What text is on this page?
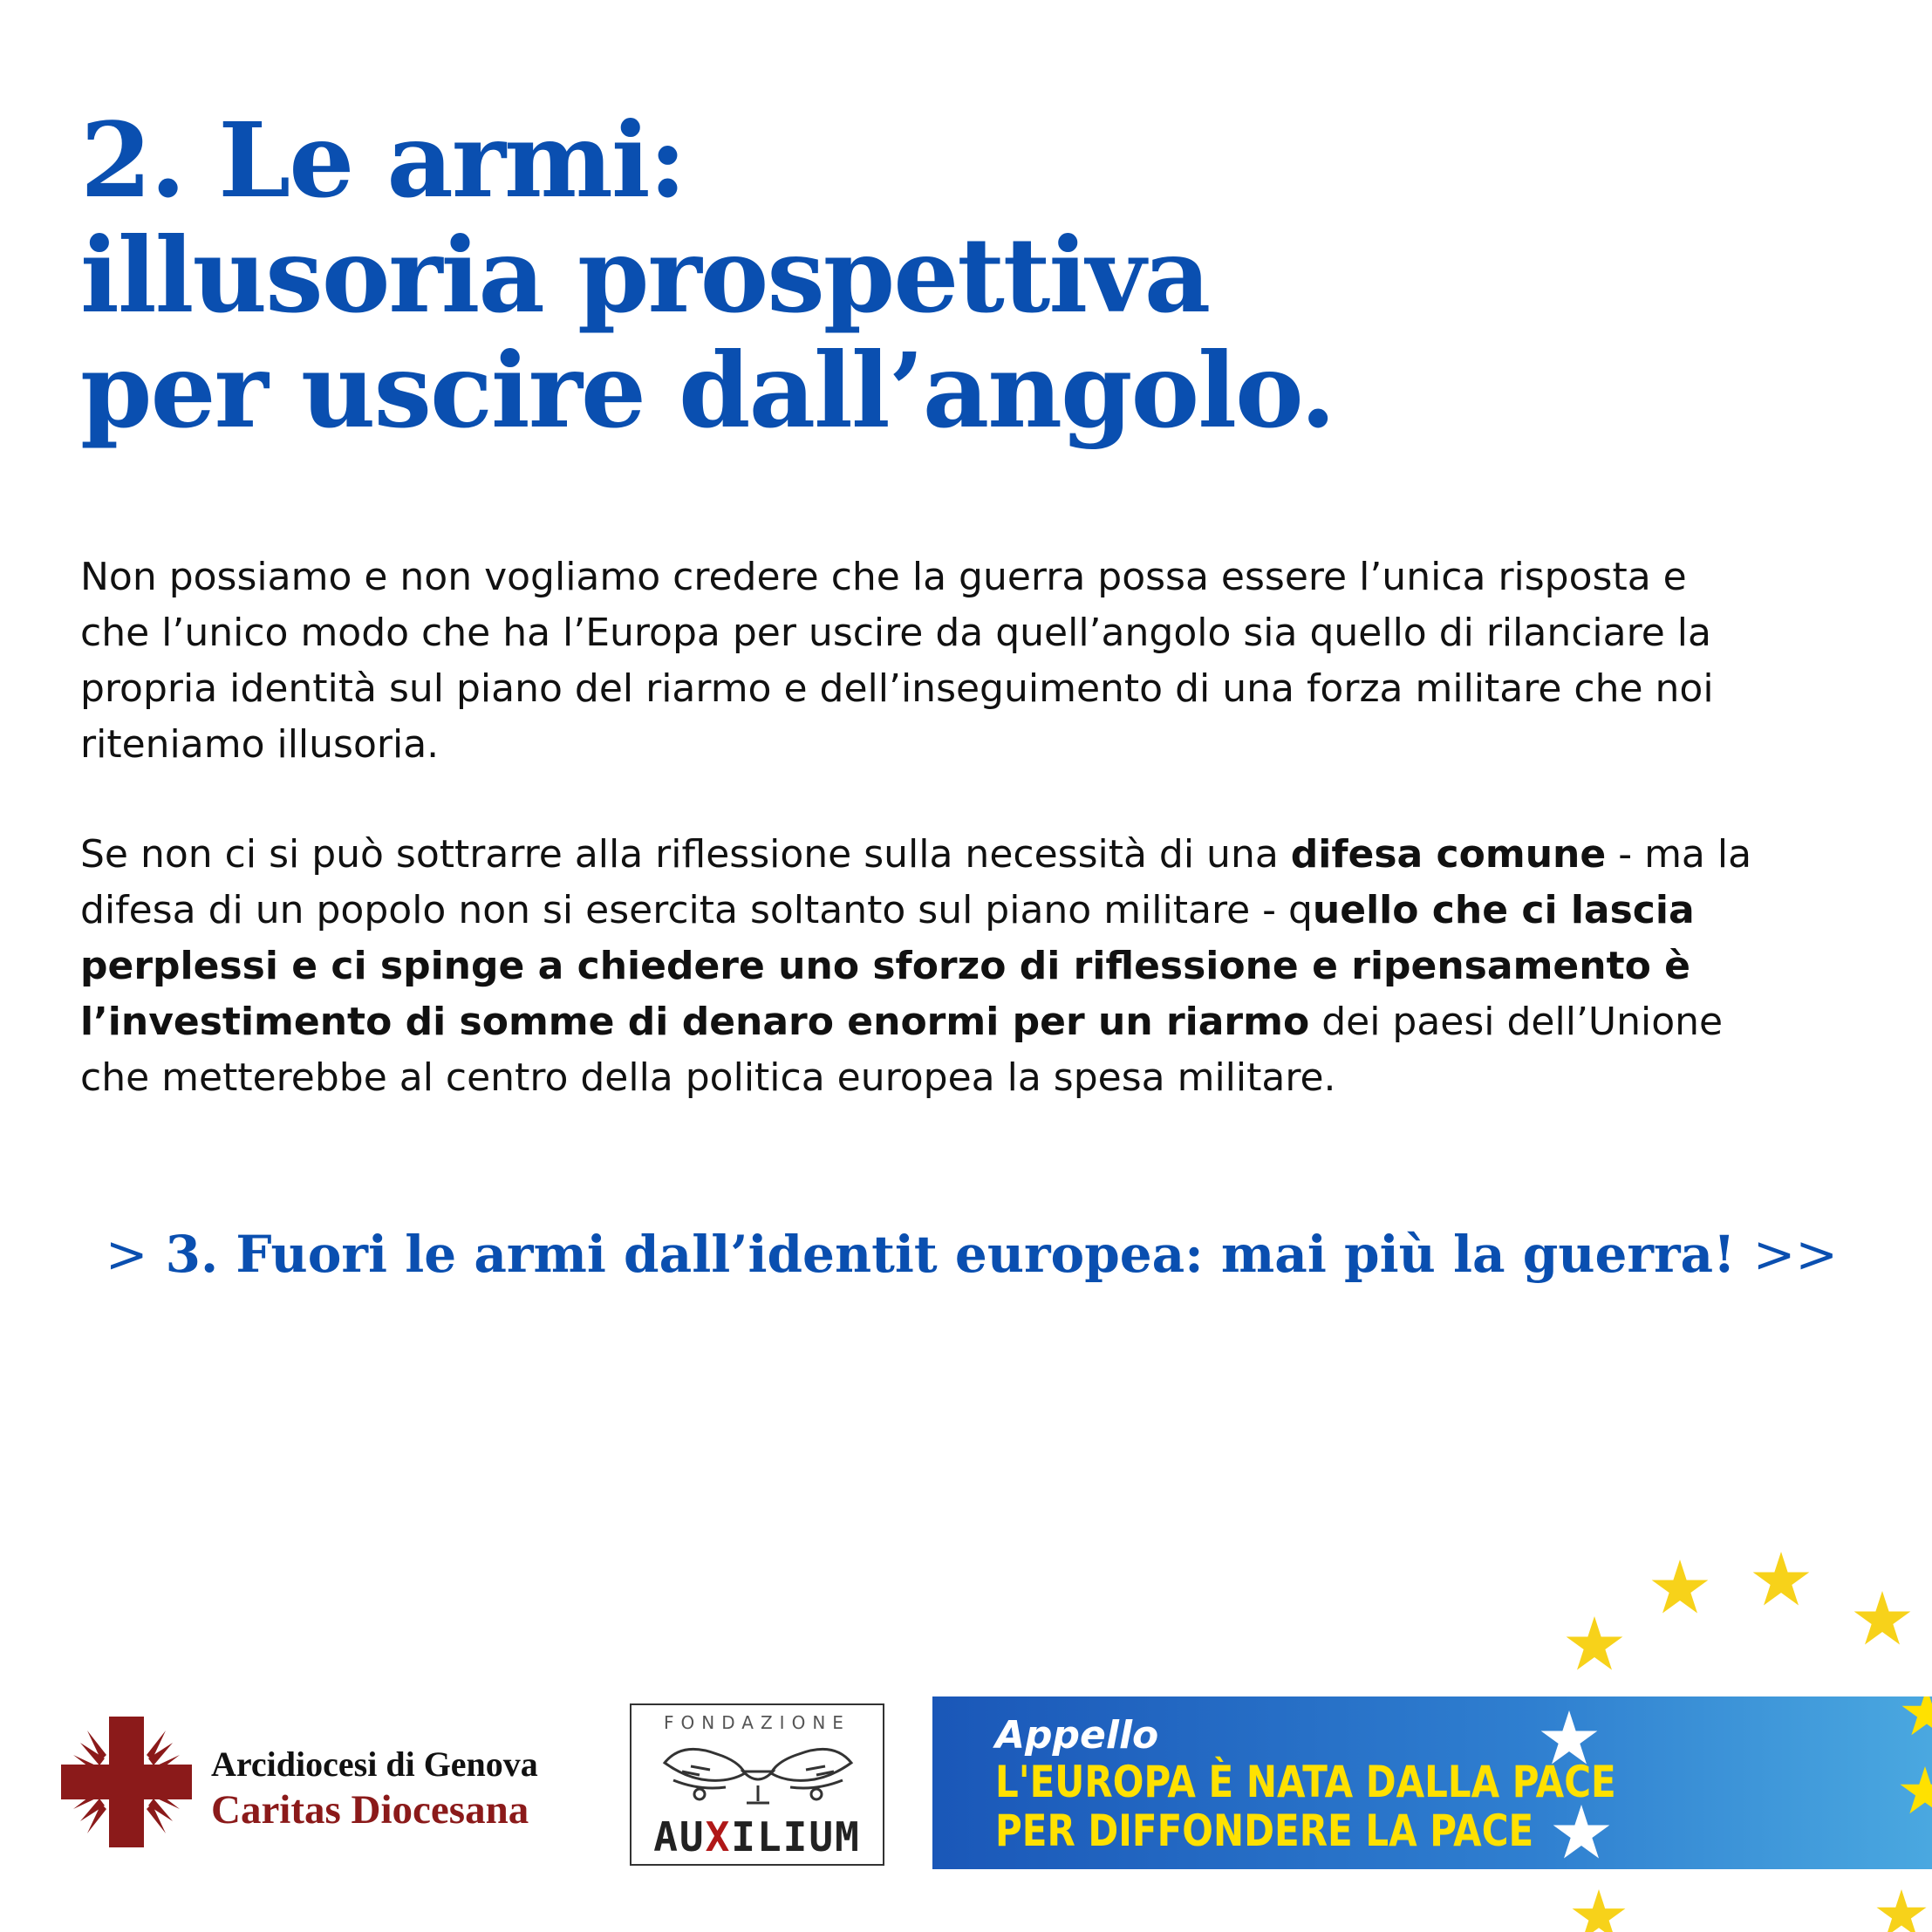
2. Le armi:
illusoria prospettiva
per uscire dall’angolo.
Non possiamo e non vogliamo credere che la guerra possa essere l’unica risposta e
che l’unico modo che ha l’Europa per uscire da quell’angolo sia quello di rilanciare la
propria identità sul piano del riarmo e dell’inseguimento di una forza militare che noi
riteniamo illusoria.
Se non ci si può sottrarre alla riflessione sulla necessità di una difesa comune - ma la
difesa di un popolo non si esercita soltanto sul piano militare - quello che ci lascia
perplessi e ci spinge a chiedere uno sforzo di riflessione e ripensamento è
l’investimento di somme di denaro enormi per un riarmo dei paesi dell’Unione
che metterebbe al centro della politica europea la spesa militare.
> 3. Fuori le armi dall’identit europea: mai più la guerra! >>
Arcidiocesi di Genova
Caritas Diocesana
FONDAZIONE
AUXILIUM
Appello
L'EUROPA È NATA DALLA PACE
PER DIFFONDERE LA PACE
